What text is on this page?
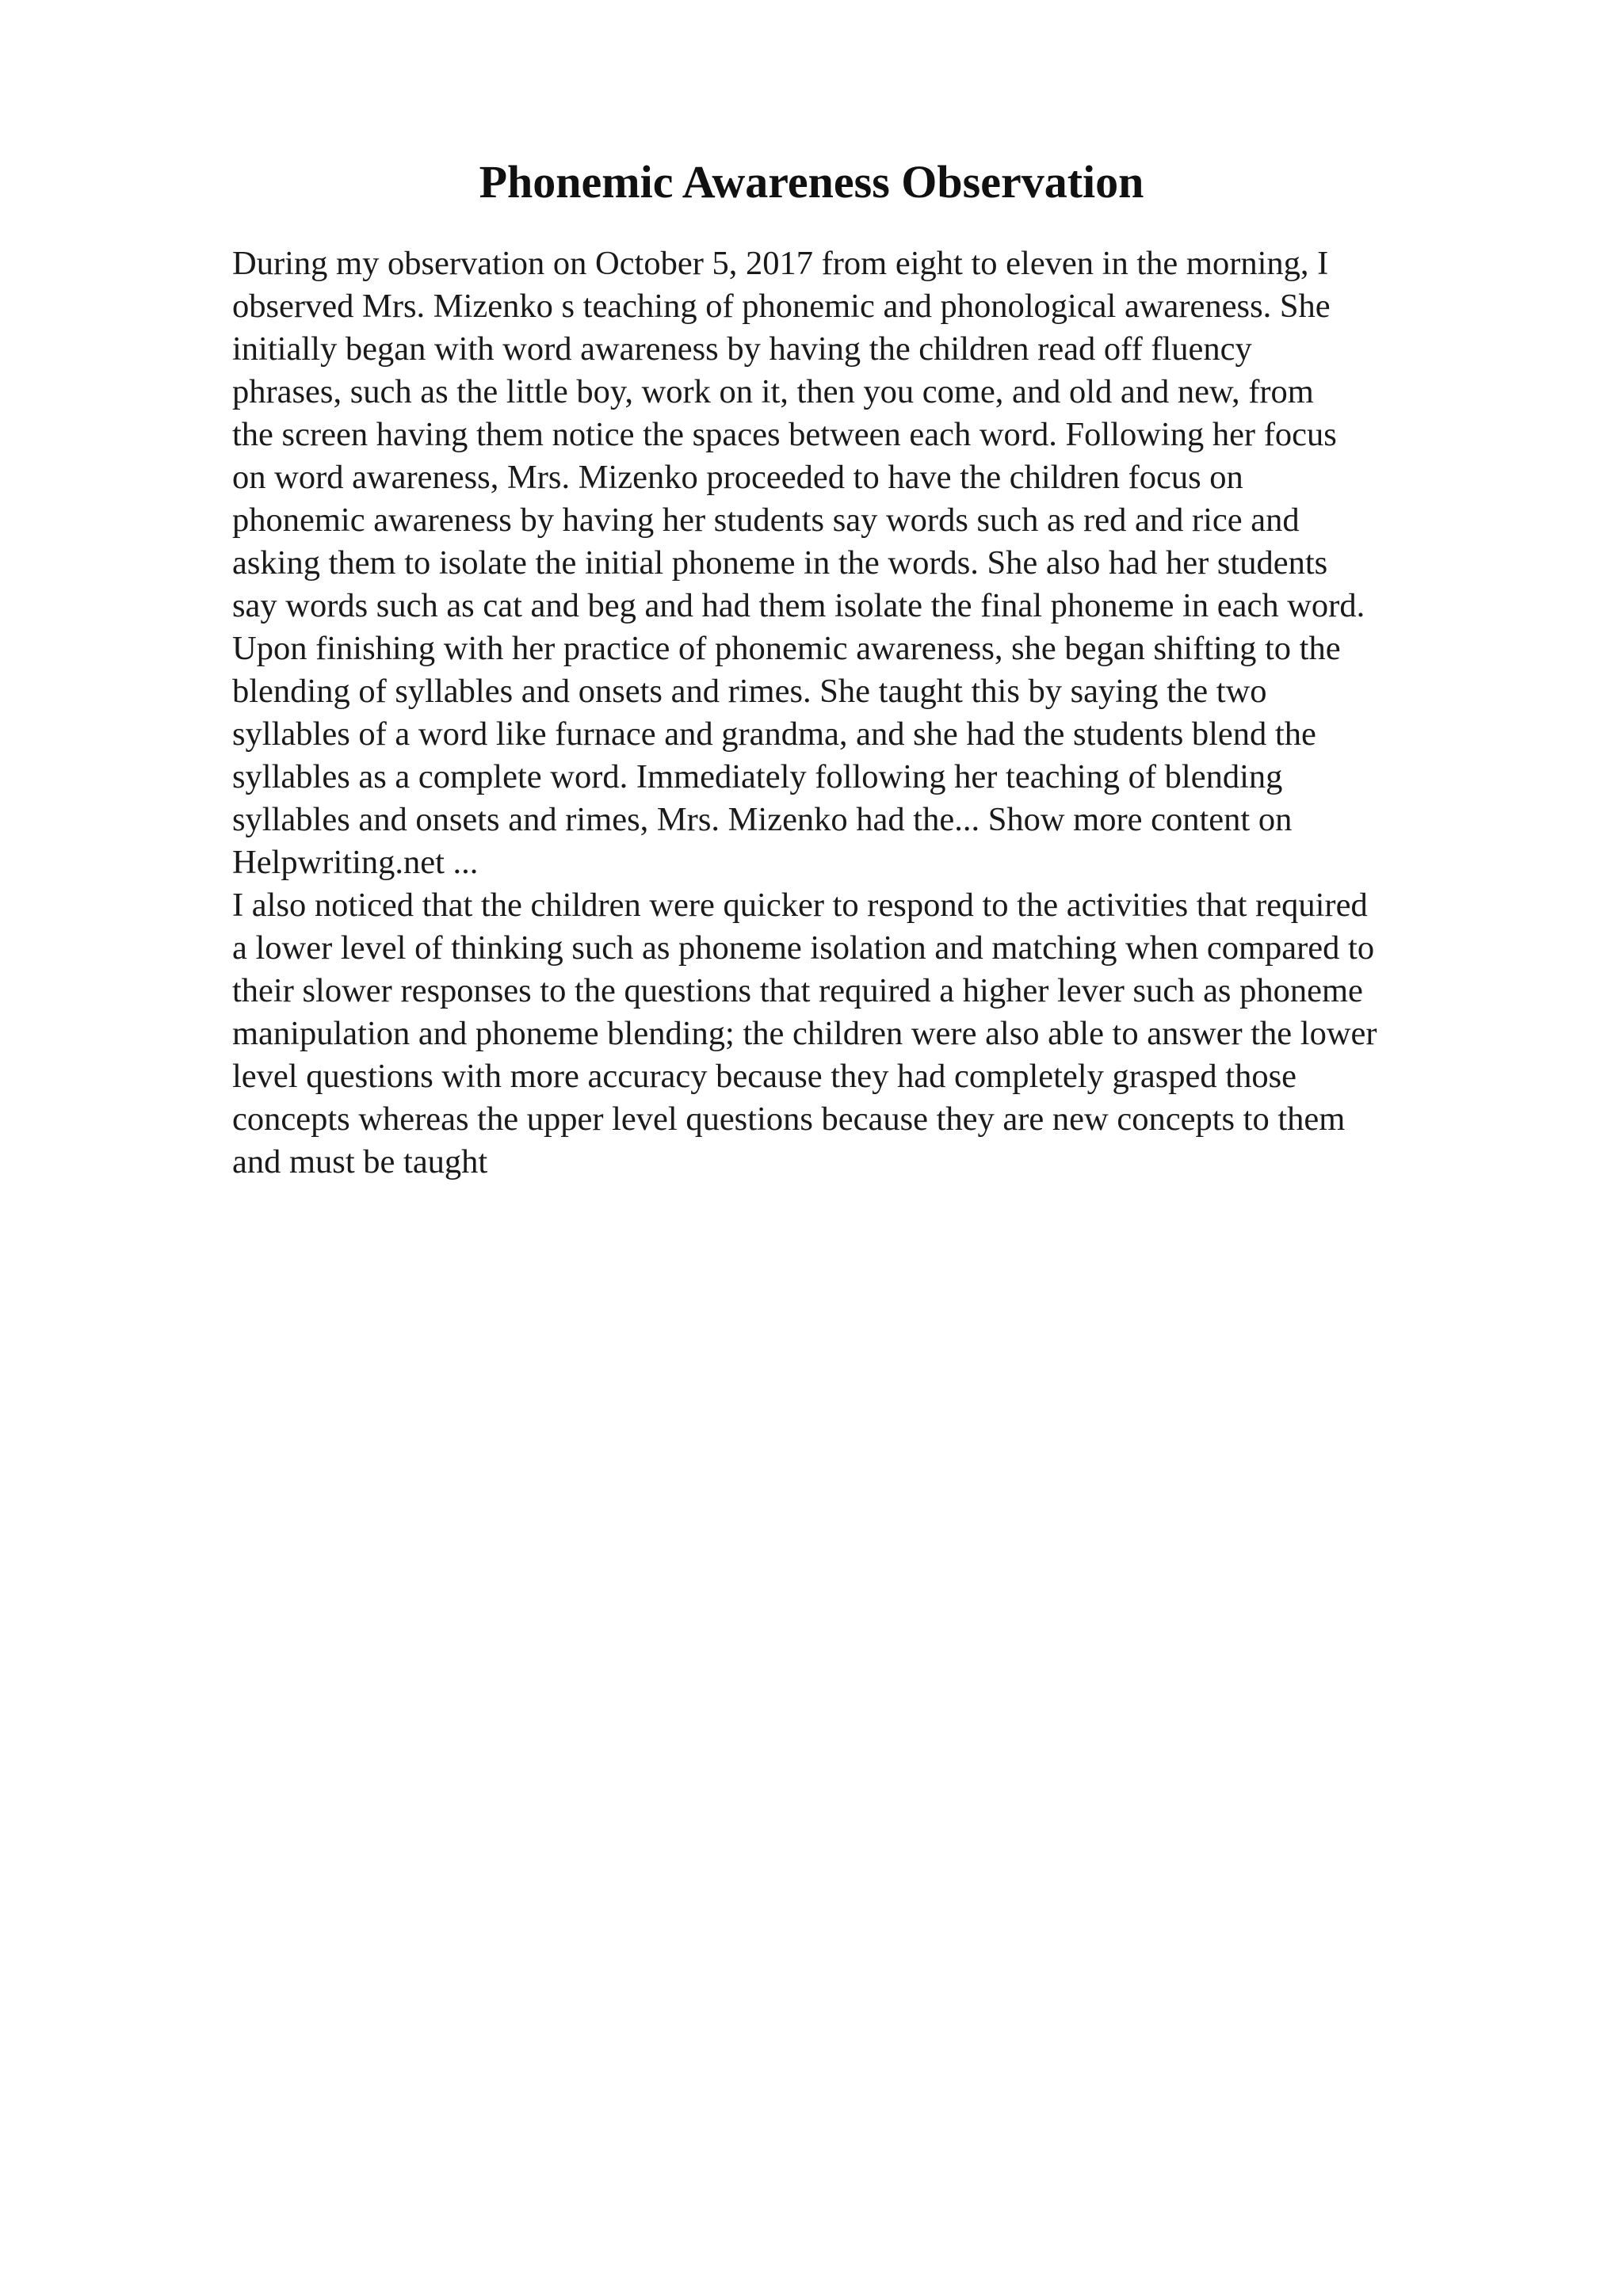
Phonemic Awareness Observation

During my observation on October 5, 2017 from eight to eleven in the morning, I
observed Mrs. Mizenko s teaching of phonemic and phonological awareness. She
initially began with word awareness by having the children read off fluency
phrases, such as the little boy, work on it, then you come, and old and new, from
the screen having them notice the spaces between each word. Following her focus
on word awareness, Mrs. Mizenko proceeded to have the children focus on
phonemic awareness by having her students say words such as red and rice and
asking them to isolate the initial phoneme in the words. She also had her students
say words such as cat and beg and had them isolate the final phoneme in each word.
Upon finishing with her practice of phonemic awareness, she began shifting to the
blending of syllables and onsets and rimes. She taught this by saying the two
syllables of a word like furnace and grandma, and she had the students blend the
syllables as a complete word. Immediately following her teaching of blending
syllables and onsets and rimes, Mrs. Mizenko had the... Show more content on
Helpwriting.net ...

I also noticed that the children were quicker to respond to the activities that required
a lower level of thinking such as phoneme isolation and matching when compared to
their slower responses to the questions that required a higher lever such as phoneme
manipulation and phoneme blending; the children were also able to answer the lower
level questions with more accuracy because they had completely grasped those
concepts whereas the upper level questions because they are new concepts to them
and must be taught
